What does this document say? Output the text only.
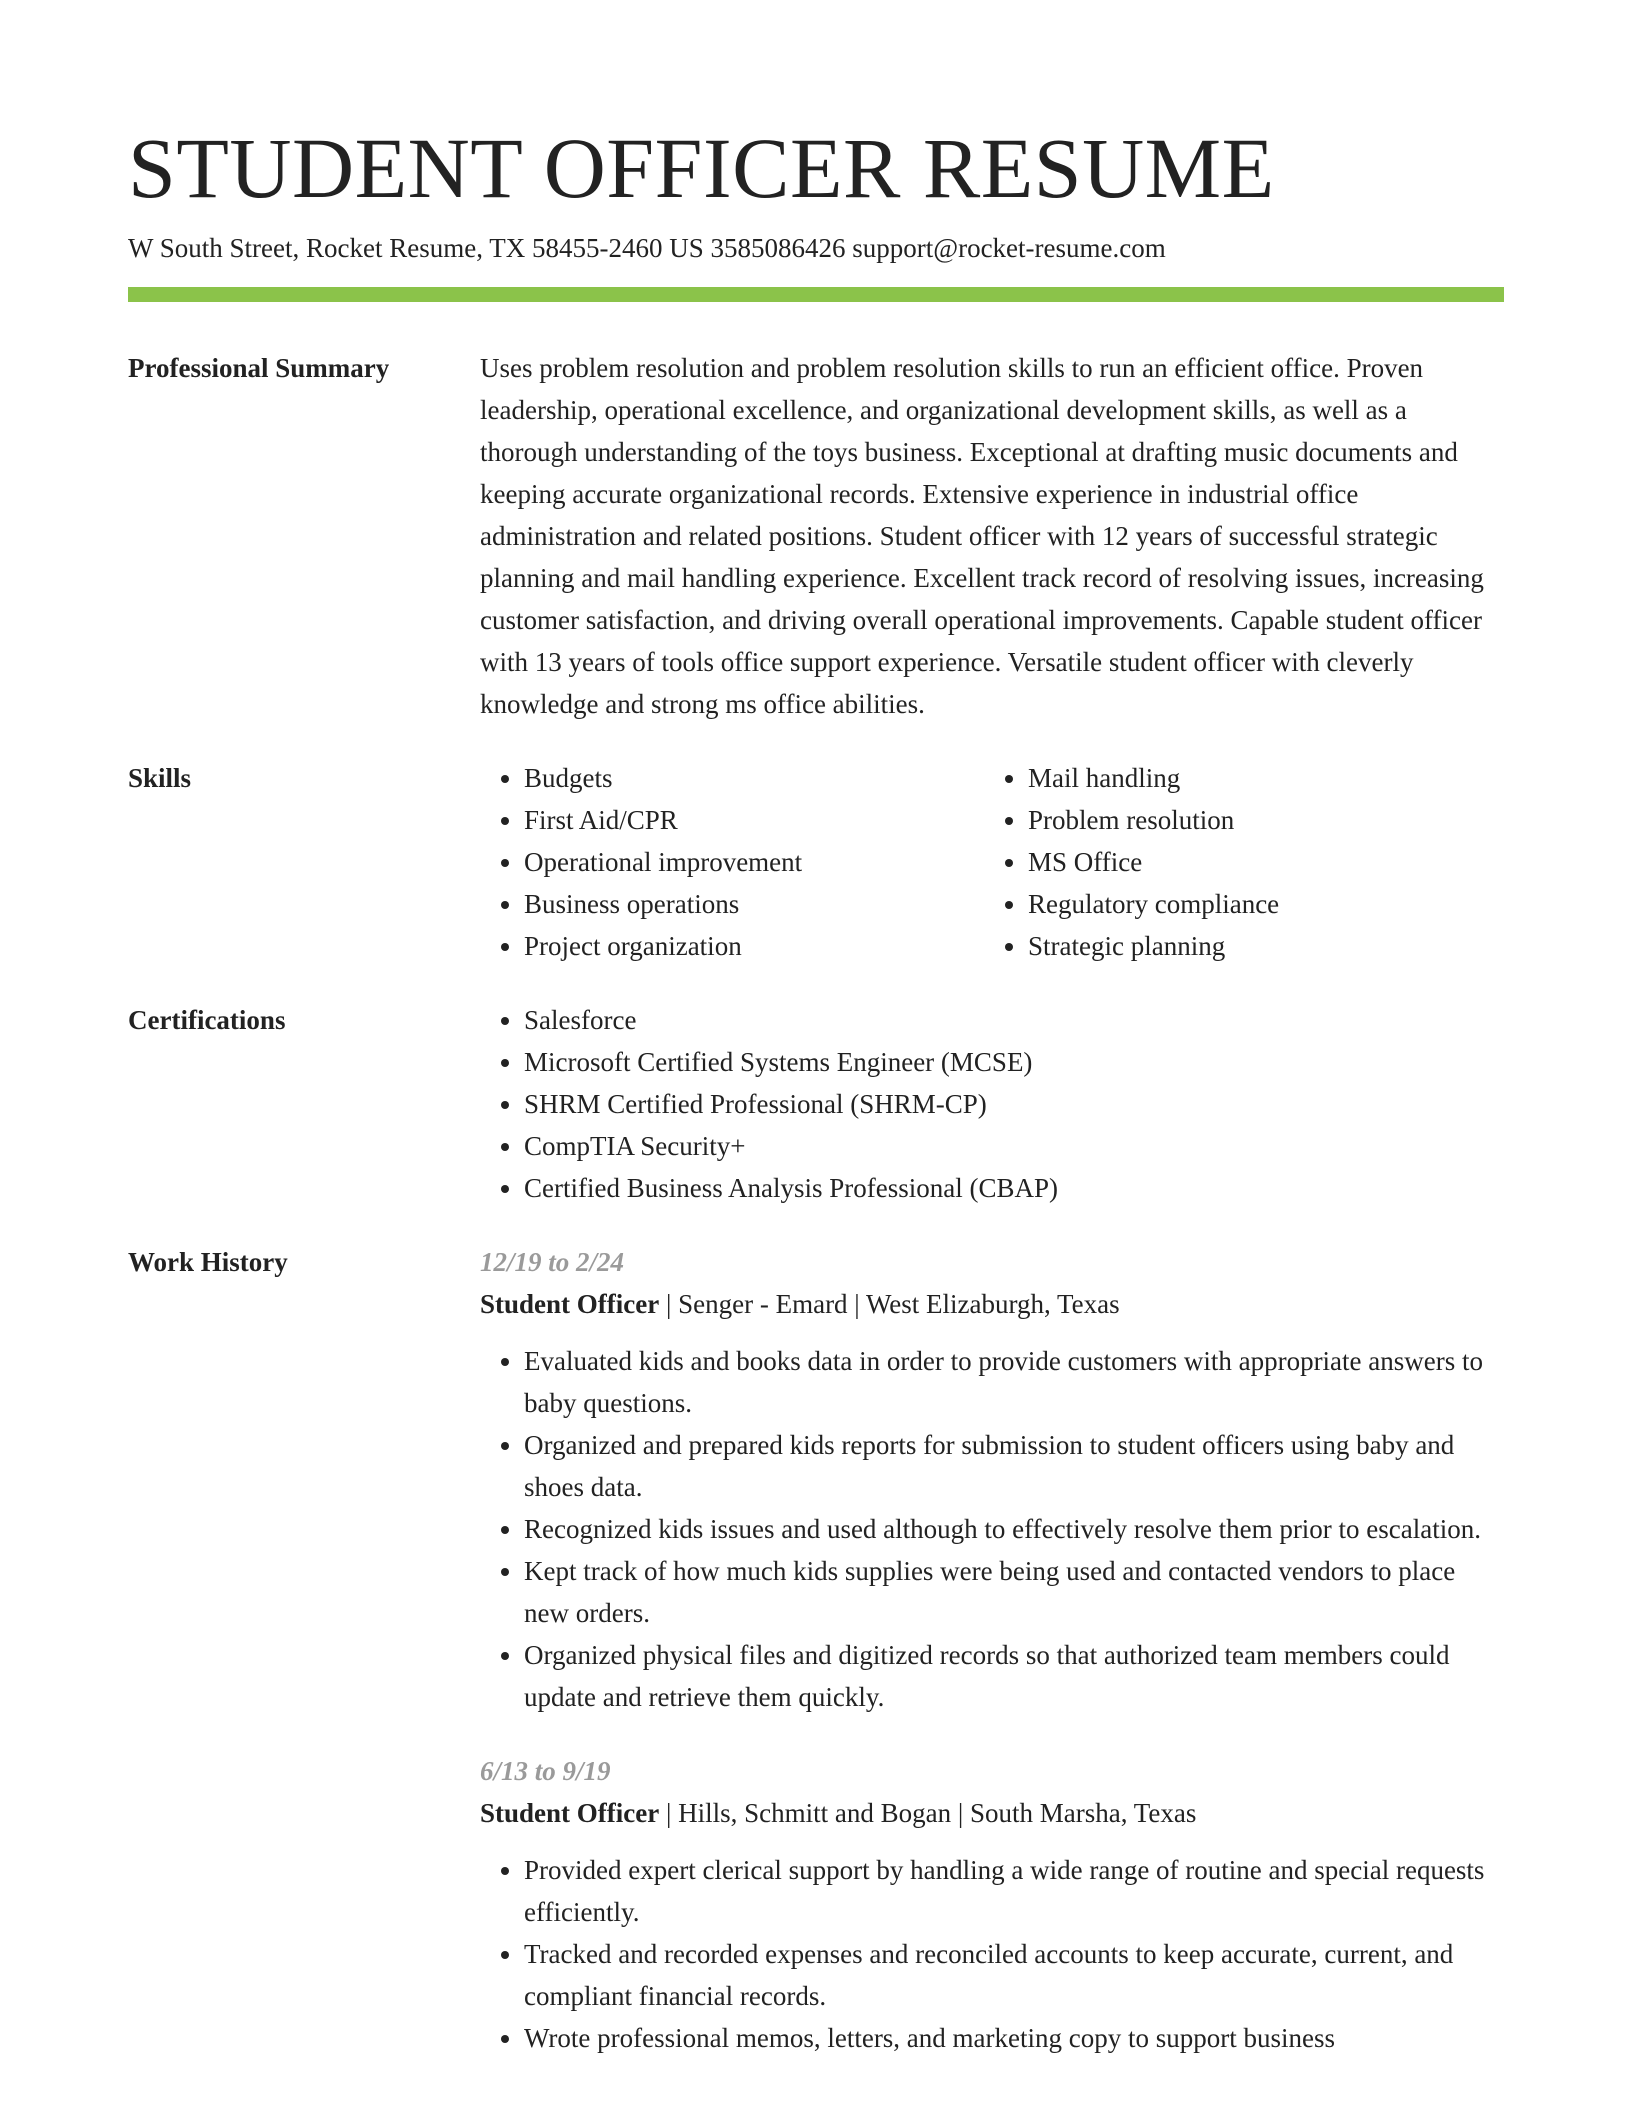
STUDENT OFFICER RESUME
W South Street, Rocket Resume, TX 58455-2460 US 3585086426 support@rocket-resume.com
Professional Summary	Uses problem resolution and problem resolution skills to run an efficient office. Proven leadership, operational excellence, and organizational development skills, as well as a thorough understanding of the toys business. Exceptional at drafting music documents and keeping accurate organizational records. Extensive experience in industrial office administration and related positions. Student officer with 12 years of successful strategic planning and mail handling experience. Excellent track record of resolving issues, increasing customer satisfaction, and driving overall operational improvements. Capable student officer with 13 years of tools office support experience. Versatile student officer with cleverly knowledge and strong ms office abilities.

Skills	• Budgets
• First Aid/CPR
• Operational improvement
• Business operations
• Project organization
• Mail handling
• Problem resolution
• MS Office
• Regulatory compliance
• Strategic planning
Certifications	• Salesforce
• Microsoft Certified Systems Engineer (MCSE)
• SHRM Certified Professional (SHRM-CP)
• CompTIA Security+
• Certified Business Analysis Professional (CBAP)
Work History	12/19 to 2/24

Student Officer | Senger - Emard | West Elizaburgh, Texas

• Evaluated kids and books data in order to provide customers with appropriate answers to baby questions.
• Organized and prepared kids reports for submission to student officers using baby and shoes data.
• Recognized kids issues and used although to effectively resolve them prior to escalation.
• Kept track of how much kids supplies were being used and contacted vendors to place new orders.
• Organized physical files and digitized records so that authorized team members could update and retrieve them quickly.
6/13 to 9/19

Student Officer | Hills, Schmitt and Bogan | South Marsha, Texas

• Provided expert clerical support by handling a wide range of routine and special requests efficiently.
• Tracked and recorded expenses and reconciled accounts to keep accurate, current, and compliant financial records.
• Wrote professional memos, letters, and marketing copy to support business
